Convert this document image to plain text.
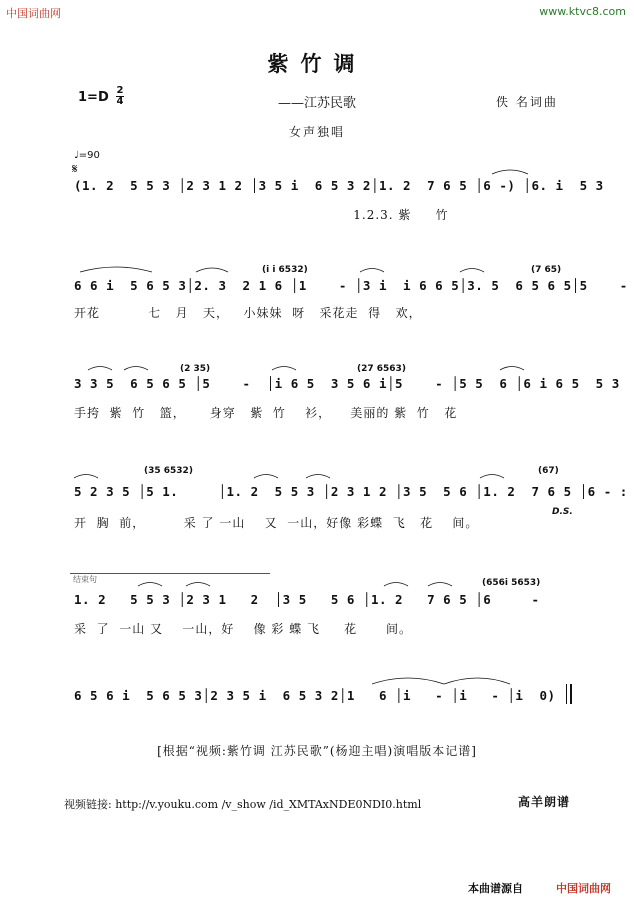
中国词曲网	www.ktvc8.com
紫竹调
1=D 2
4	——江苏民歌	佚 名词曲
女声独唱
♩=90
𝄋
(1. 2  5 5 3 │2 3 1 2 │3 5 i  6 5 3 2│1. 2  7 6 5 │6 -) │6. i  5 3
1.2.3. 紫     竹
6 6 i  5 6 5 3│2. 3  2 1 6 │1    - │3 i  i 6 6 5│3. 5  6 5 6 5│5    -
开花          七   月   天，   小妹妹  呀   采花走  得   欢，
3 3 5  6 5 6 5 │5    -  │i 6 5  3 5 6 i│5    - │5 5  6 │6 i 6 5  5 3
手挎  紫  竹   篮，     身穿   紫  竹    衫，    美丽的 紫  竹   花
5 2 3 5 │5 1.     │1. 2  5 5 3 │2 3 1 2 │3 5  5 6 │1. 2  7 6 5 │6 - :
开  胸  前，        采 了 一山    又  一山，好像 彩蝶  飞   花    间。
D.S.
结束句
1. 2   5 5 3 │2 3 1   2  │3 5   5 6 │1. 2   7 6 5 │6     -
采  了  一山 又    一山，好    像 彩 蝶 飞     花      间。
6 5 6 i  5 6 5 3│2 3 5 i  6 5 3 2│1   6 │i   - │i   - │i  0)
(i i 6532)	(7 65)
(2 35)	(27 6563)
(35 6532)	(67)
(656i 5653)
[根据“视频:紫竹调 江苏民歌”(杨迎主唱)演唱版本记谱]
视频链接: http://v.youku.com /v_show /id_XMTAxNDE0NDI0.html	高羊朗谱
本曲谱源自	中国词曲网
